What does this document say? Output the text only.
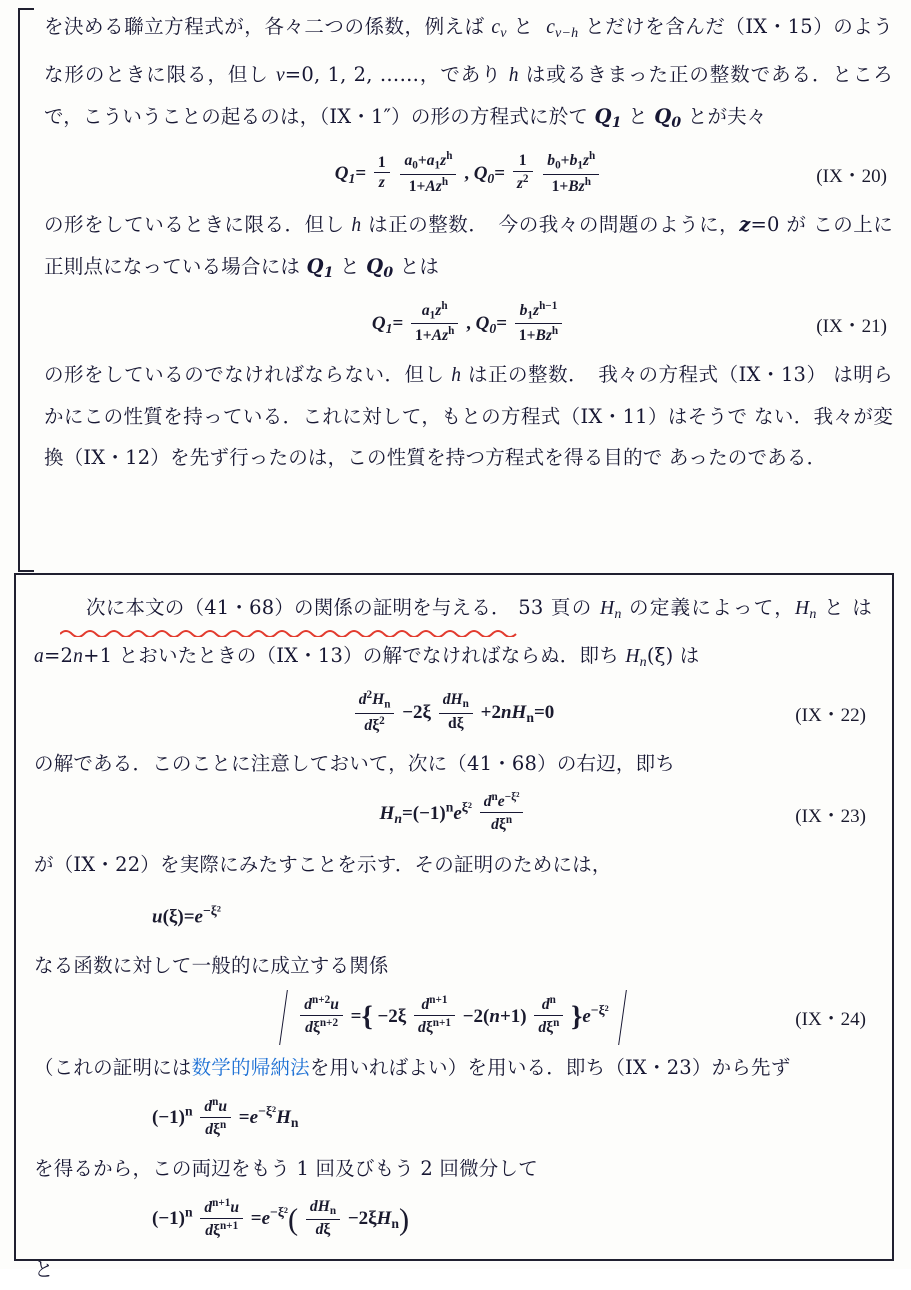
を決める聯立方程式が，各々二つの係数，例えば $c_\nu$ と $c_{\nu-h}$ とだけを含んだ（IX・15）のような形のときに限る，但し ν=0, 1, 2, ……，であり h は或るきまった正の整数である．ところで，こういうことの起るのは，（IX・1″）の形の方程式に於て $Q_1$ と $Q_0$ とが夫々

$Q_1= \frac{1}{z}$
$\frac{a_0+a_1z^h}{1+Az^h}$ , $Q_0= \frac{1}{z^2}$
$\frac{b_0+b_1z^h}{1+Bz^h}$	(IX・20)

の形をしているときに限る．但し h は正の整数．　今の我々の問題のように，z=0 が この上に正則点になっている場合には $Q_1$ と $Q_0$ とは

$Q_1= \frac{a_1z^h}{1+Az^h}$ , $Q_0= \frac{b_1z^{h-1}}{1+Bz^h}$	(IX・21)

の形をしているのでなければならない．但し h は正の整数．　我々の方程式（IX・13） は明らかにこの性質を持っている．これに対して，もとの方程式（IX・11）はそうで ない．我々が変換（IX・12）を先ず行ったのは，この性質を持つ方程式を得る目的で あったのである．

次に本文の（41・68）の関係の証明を与える．
53 頁の $H_n$ の定義によって，$H_n$ と は　a=2n+1 とおいたときの（IX・13）の解でなければならぬ．即ち $H_n(\xi)$ は

$\frac{d^2H_n}{d\xi^2} -2\xi \frac{dH_n}{d\xi} +2nH_n=0$	(IX・22)

の解である．このことに注意しておいて，次に（41・68）の右辺，即ち

$H_n=(-1)^ne^{\xi^2} \frac{d^ne^{-\xi^2}}{d\xi^n}$	(IX・23)

が（IX・22）を実際にみたすことを示す．その証明のためには，

$u(\xi)=e^{-\xi^2}$

なる函数に対して一般的に成立する関係

$\frac{d^{n+2}u}{d\xi^{n+2}}$ ={ $-2\xi \frac{d^{n+1}}{d\xi^{n+1}} -2(n+1) \frac{d^n}{d\xi^n} \}e^{-\xi^2}$	(IX・24)

（これの証明には数学的帰納法を用いればよい）を用いる．即ち（IX・23）から先ず

$(-1)^n \frac{d^nu}{d\xi^n} =e^{-\xi^2}H_n$

を得るから，この両辺をもう 1 回及びもう 2 回微分して

$(-1)^n \frac{d^{n+1}u}{d\xi^{n+1}} =e^{-\xi^2}( \frac{dH_n}{d\xi} -2\xi H_n)$

と
